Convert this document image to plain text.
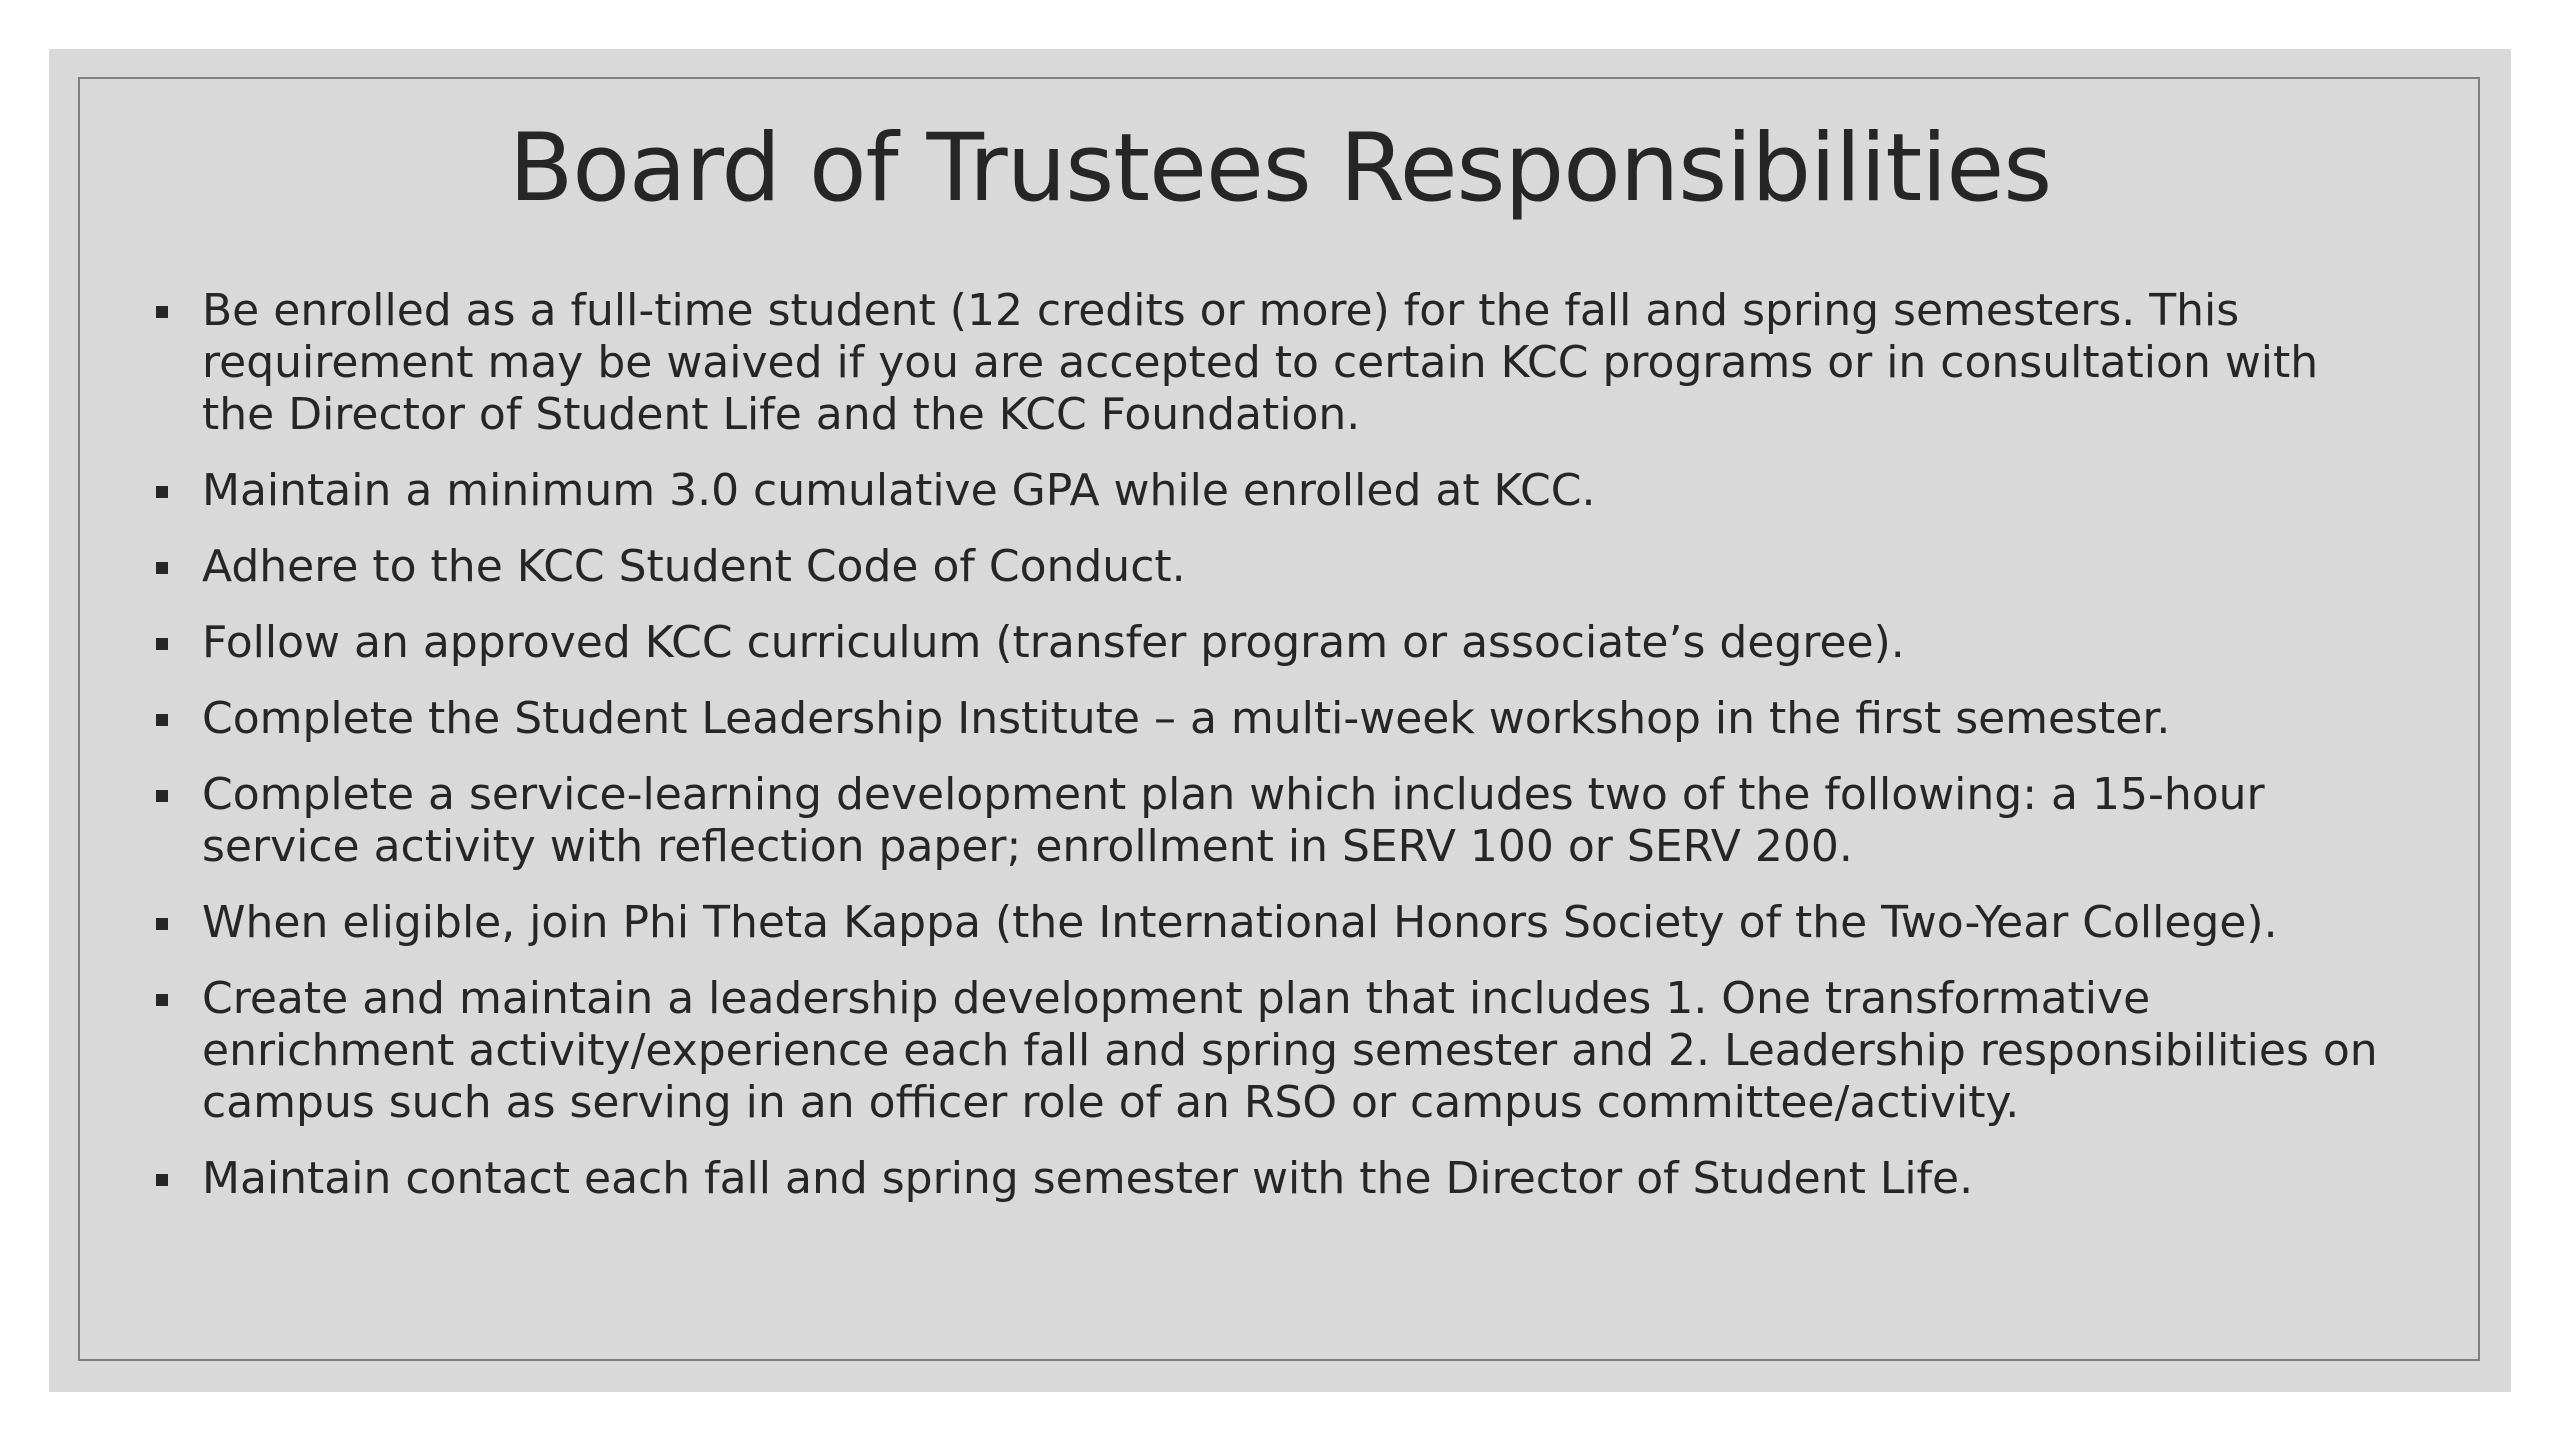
Board of Trustees Responsibilities
Be enrolled as a full-time student (12 credits or more) for the fall and spring semesters. This requirement may be waived if you are accepted to certain KCC programs or in consultation with the Director of Student Life and the KCC Foundation.
Maintain a minimum 3.0 cumulative GPA while enrolled at KCC.
Adhere to the KCC Student Code of Conduct.
Follow an approved KCC curriculum (transfer program or associate’s degree).
Complete the Student Leadership Institute – a multi-week workshop in the first semester.
Complete a service-learning development plan which includes two of the following: a 15-hour service activity with reflection paper; enrollment in SERV 100 or SERV 200.
When eligible, join Phi Theta Kappa (the International Honors Society of the Two-Year College).
Create and maintain a leadership development plan that includes 1. One transformative enrichment activity/experience each fall and spring semester and 2. Leadership responsibilities on campus such as serving in an officer role of an RSO or campus committee/activity.
Maintain contact each fall and spring semester with the Director of Student Life.
